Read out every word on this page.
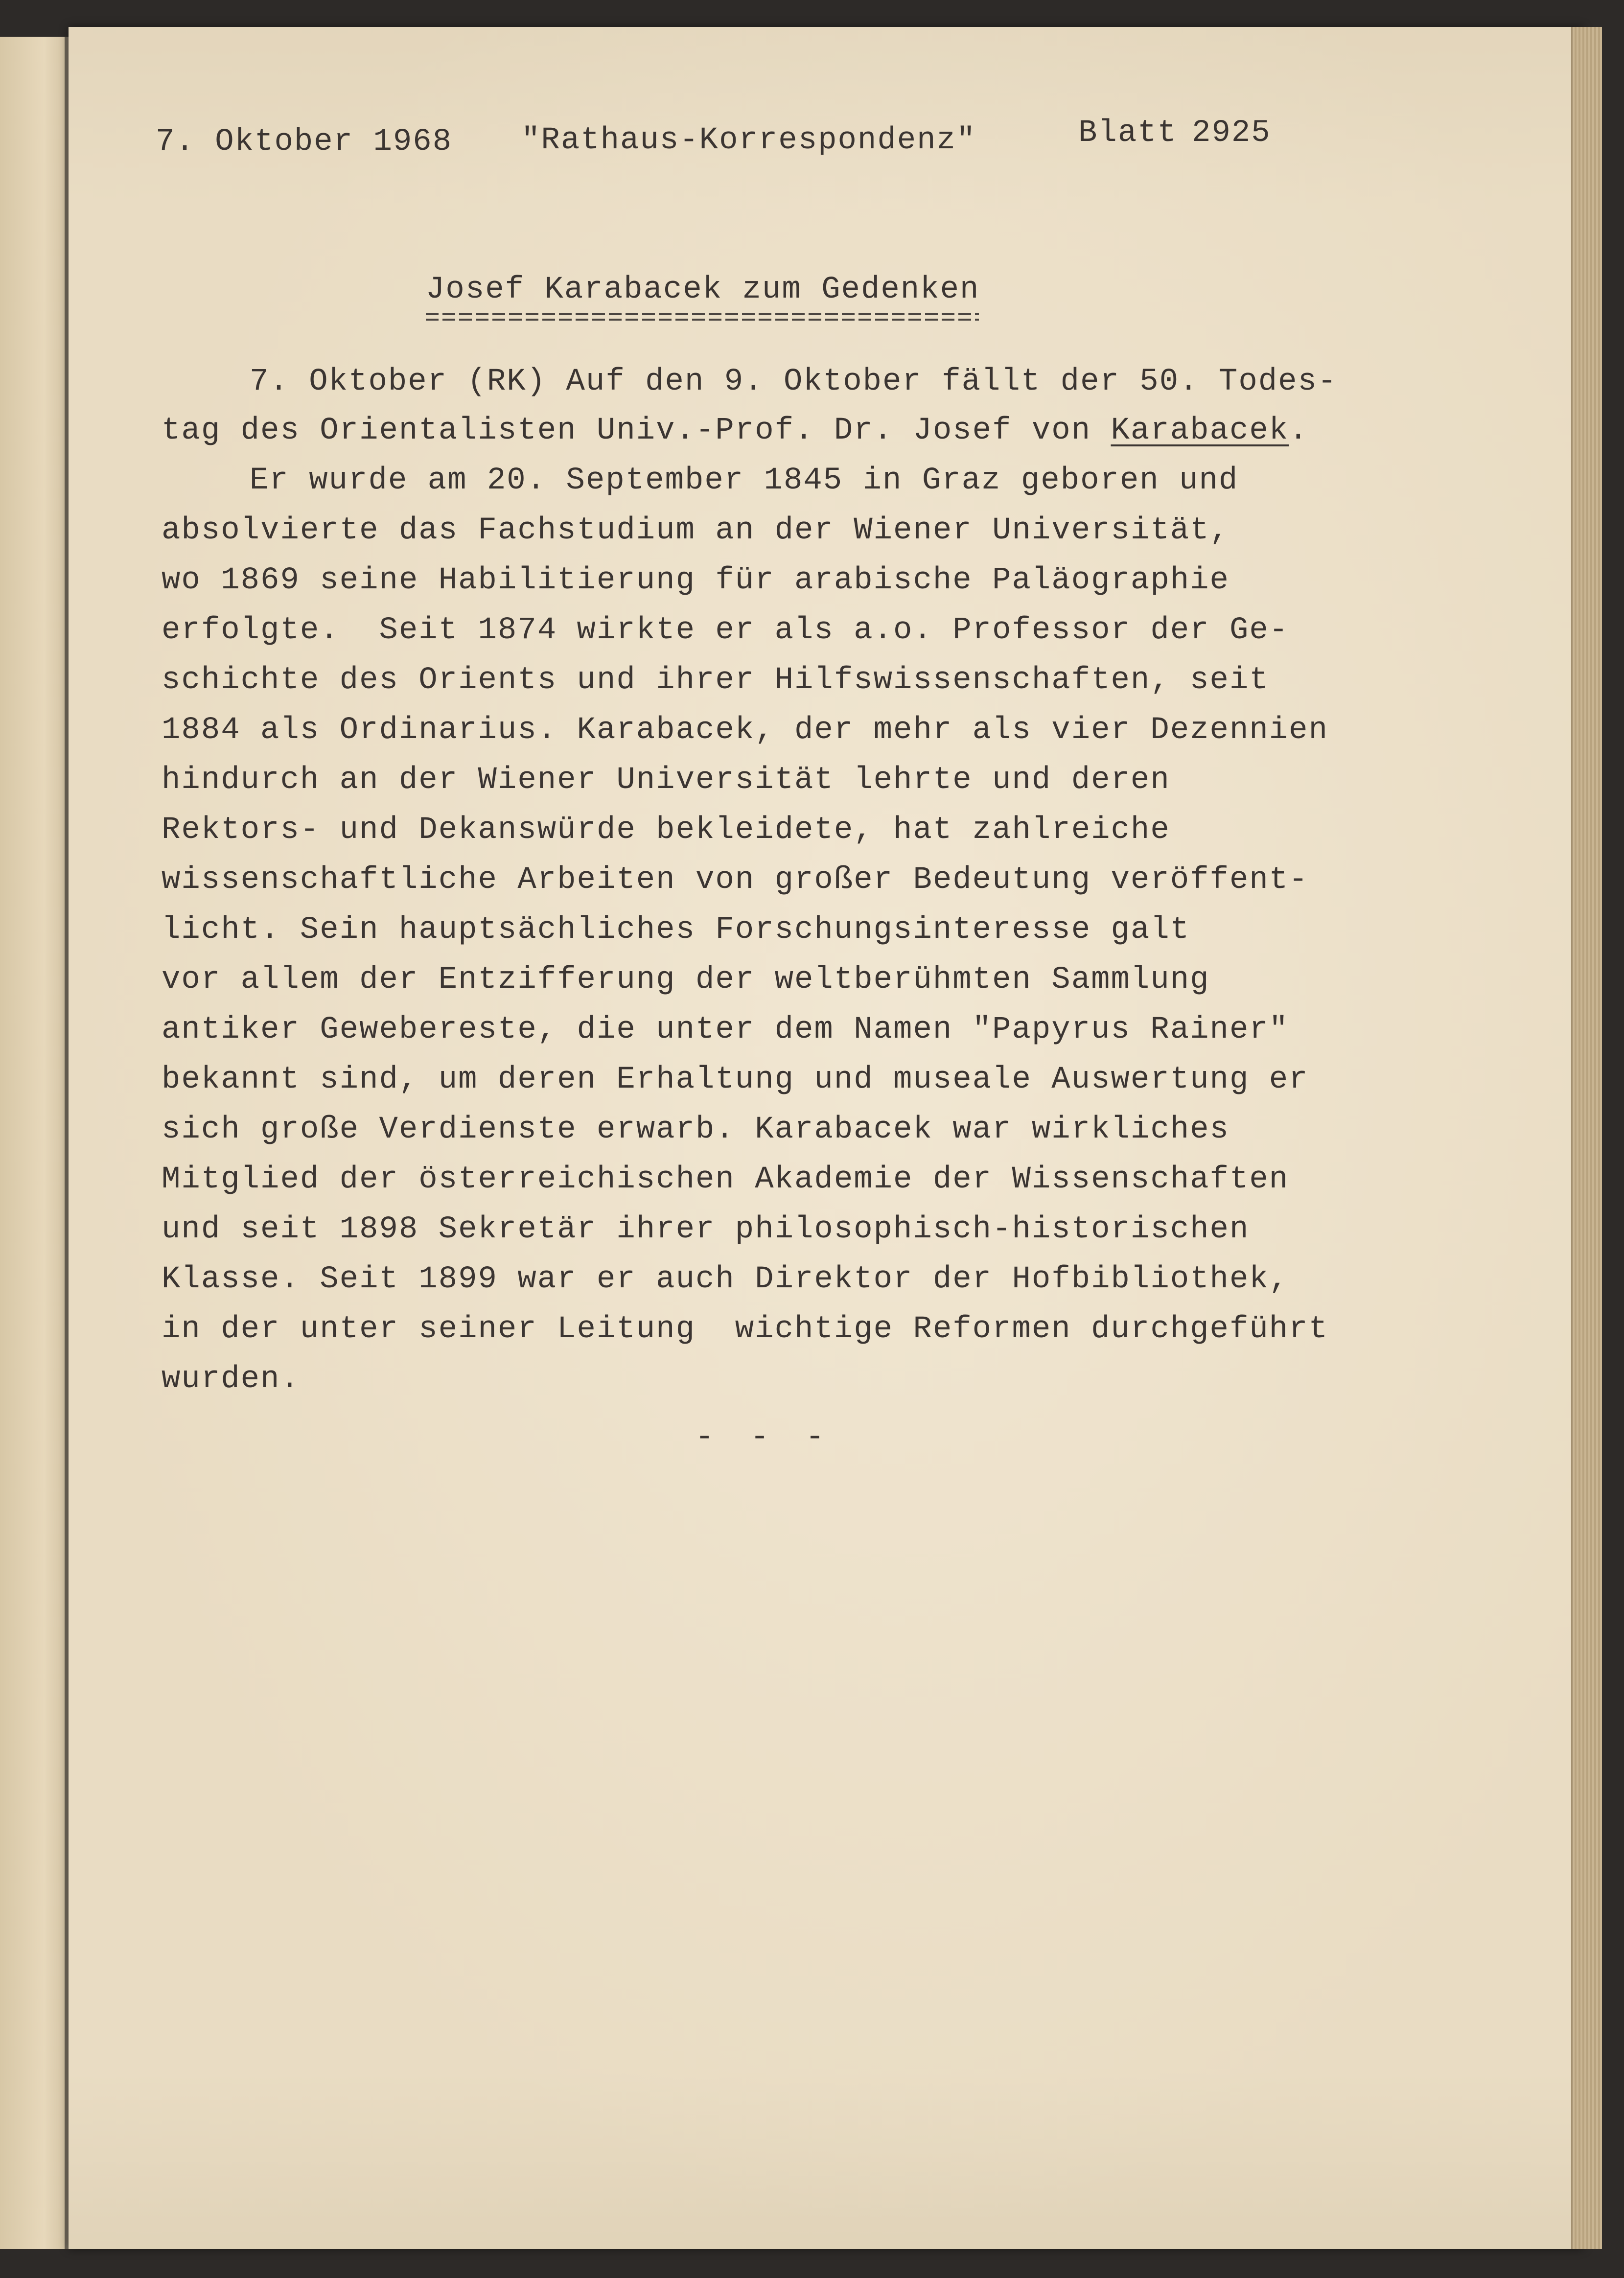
7. Oktober 1968 "Rathaus-Korrespondenz"	Blatt 2925
Josef Karabacek zum Gedenken
7. Oktober (RK) Auf den 9. Oktober fällt der 50. Todes-
tag des Orientalisten Univ.-Prof. Dr. Josef von Karabacek.
Er wurde am 20. September 1845 in Graz geboren und
absolvierte das Fachstudium an der Wiener Universität,
wo 1869 seine Habilitierung für arabische Paläographie
erfolgte.  Seit 1874 wirkte er als a.o. Professor der Ge-
schichte des Orients und ihrer Hilfswissenschaften, seit
1884 als Ordinarius. Karabacek, der mehr als vier Dezennien
hindurch an der Wiener Universität lehrte und deren
Rektors- und Dekanswürde bekleidete, hat zahlreiche
wissenschaftliche Arbeiten von großer Bedeutung veröffent-
licht. Sein hauptsächliches Forschungsinteresse galt
vor allem der Entzifferung der weltberühmten Sammlung
antiker Gewebereste, die unter dem Namen "Papyrus Rainer"
bekannt sind, um deren Erhaltung und museale Auswertung er
sich große Verdienste erwarb. Karabacek war wirkliches
Mitglied der österreichischen Akademie der Wissenschaften
und seit 1898 Sekretär ihrer philosophisch-historischen
Klasse. Seit 1899 war er auch Direktor der Hofbibliothek,
in der unter seiner Leitung  wichtige Reformen durchgeführt
wurden.
- - -
